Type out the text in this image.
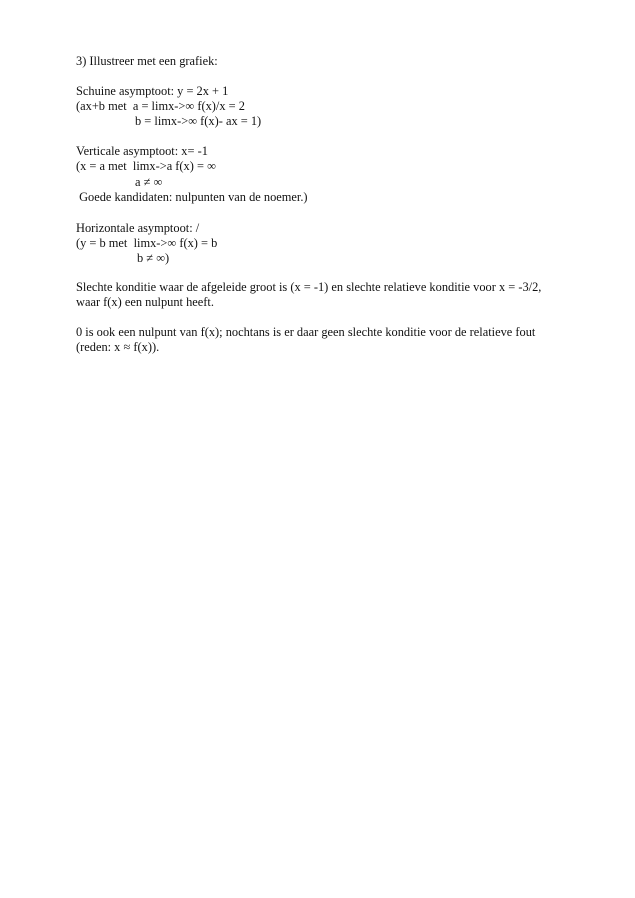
3) Illustreer met een grafiek:
Schuine asymptoot: y = 2x + 1
(ax+b met  a = limx->∞ f(x)/x = 2
b = limx->∞ f(x)- ax = 1)
Verticale asymptoot: x= -1
(x = a met  limx->a f(x) = ∞
a ≠ ∞
Goede kandidaten: nulpunten van de noemer.)
Horizontale asymptoot: /
(y = b met  limx->∞ f(x) = b
b ≠ ∞)
Slechte konditie waar de afgeleide groot is (x = -1) en slechte relatieve konditie voor x = -3/2,
waar f(x) een nulpunt heeft.
0 is ook een nulpunt van f(x); nochtans is er daar geen slechte konditie voor de relatieve fout
(reden: x ≈ f(x)).
